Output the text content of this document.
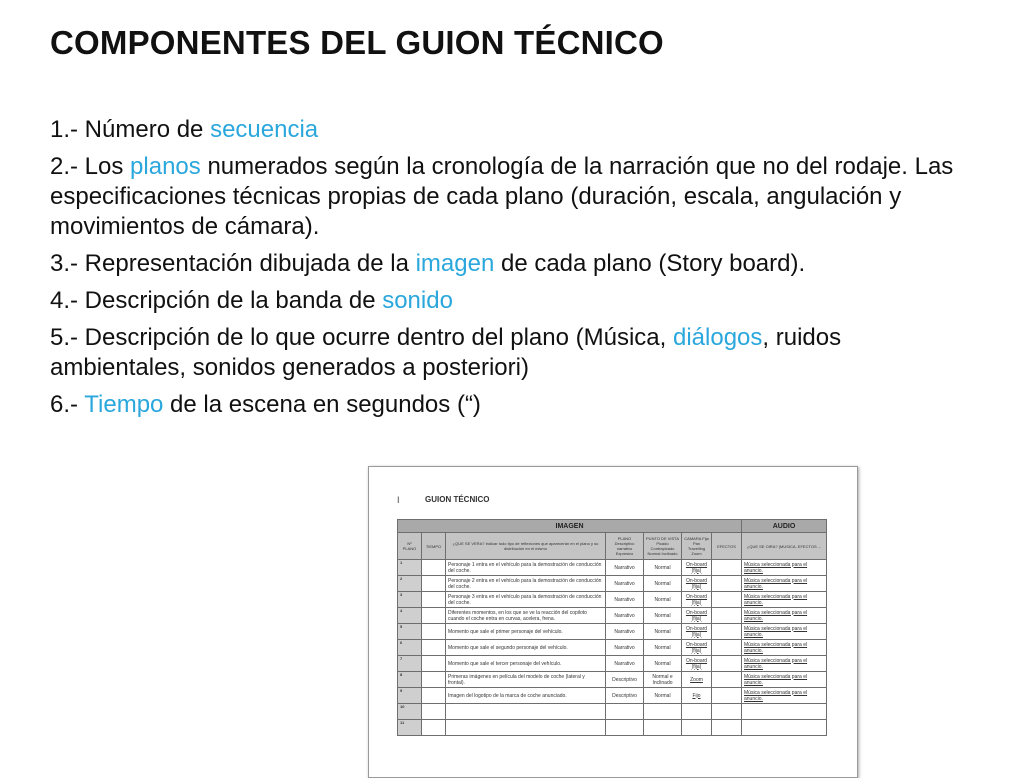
COMPONENTES DEL GUION TÉCNICO
1.- Número de secuencia
2.- Los planos numerados según la cronología de la narración que no del rodaje. Las especificaciones técnicas propias de cada plano (duración, escala, angulación y movimientos de cámara).
3.- Representación dibujada de la imagen de cada plano (Story board).
4.- Descripción de la banda de sonido
5.- Descripción de lo que ocurre dentro del plano (Música, diálogos, ruidos ambientales, sonidos generados a posteriori)
6.- Tiempo de la escena en segundos (“)
I	GUION TÉCNICO
IMAGEN							AUDIO
Nº PLANO	TIEMPO	¿QUE SE VERA? Indicar todo tipo de reflexiones que aparecerán en el plano y su distribución en el mismo	PLANO Descriptivo narrativo Expresivo	PUNTO DE VISTA Picado Contrapicado Normal Inclinado	CAMARA Fija Pan Travelling Zoom	EFECTOS	¿QUE SE OIRA? (MUSICA, EFECTOS ...
1		Personaje 1 entra en el vehículo para la demostración de conducción del coche.	Narrativo	Normal	On-board (fija)		Música seleccionada para el anuncio.
2		Personaje 2 entra en el vehículo para la demostración de conducción del coche.	Narrativo	Normal	On-board (fija)		Música seleccionada para el anuncio.
3		Personaje 3 entra en el vehículo para la demostración de conducción del coche.	Narrativo	Normal	On-board (fija)		Música seleccionada para el anuncio.
4		Diferentes momentos, en los que se ve la reacción del copiloto cuando el coche entra en curvas, acelera, frena.	Narrativo	Normal	On-board (fija)		Música seleccionada para el anuncio.
5		Momento que sale el primer personaje del vehículo.	Narrativo	Normal	On-board (fija)		Música seleccionada para el anuncio.
6		Momento que sale el segundo personaje del vehículo.	Narrativo	Normal	On-board (fija)		Música seleccionada para el anuncio.
7		Momento que sale el tercer personaje del vehículo.	Narrativo	Normal	On-board (fija)		Música seleccionada para el anuncio.
8		Primeras imágenes en película del modelo de coche (lateral y frontal).	Descriptivo	Normal e Inclinado	Zoom		Música seleccionada para el anuncio.
9		Imagen del logotipo de la marca de coche anunciado.	Descriptivo	Normal	Fijo		Música seleccionada para el anuncio.
10							
11							
